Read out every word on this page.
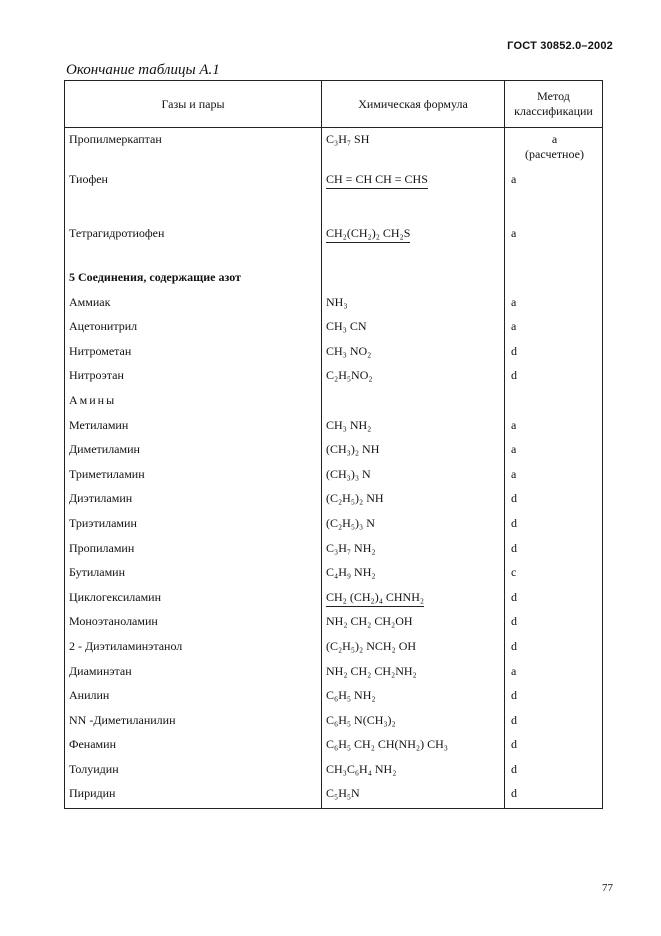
ГОСТ 30852.0–2002
Окончание таблицы А.1
Газы и пары	Химическая формула	Метод классификации
Пропилмеркаптан	C₃H₇ SH	a
(расчетное)
Тиофен	CH = CH CH = CHS	a
Тетрагидротиофен	CH₂(CH₂)₂ CH₂S	a
5 Соединения, содержащие азот		
Аммиак	NH₃	a
Ацетонитрил	CH₃ CN	a
Нитрометан	CH₃ NO₂	d
Нитроэтан	C₂H₅NO₂	d
Амины		
Метиламин	CH₃ NH₂	a
Диметиламин	(CH₃)₂ NH	a
Триметиламин	(CH₃)₃ N	a
Диэтиламин	(C₂H₅)₂ NH	d
Триэтиламин	(C₂H₅)₃ N	d
Пропиламин	C₃H₇ NH₂	d
Бутиламин	C₄H₉ NH₂	c
Циклогексиламин	CH₂ (CH₂)₄ CHNH₂	d
Моноэтаноламин	NH₂ CH₂ CH₂OH	d
2 - Диэтиламинэтанол	(C₂H₅)₂ NCH₂ OH	d
Диаминэтан	NH₂ CH₂ CH₂NH₂	a
Анилин	C₆H₅ NH₂	d
NN -Диметиланилин	C₆H₅ N(CH₃)₂	d
Фенамин	C₆H₅ CH₂ CH(NH₂) CH₃	d
Толуидин	CH₃C₆H₄ NH₂	d
Пиридин	C₅H₅N	d
77
